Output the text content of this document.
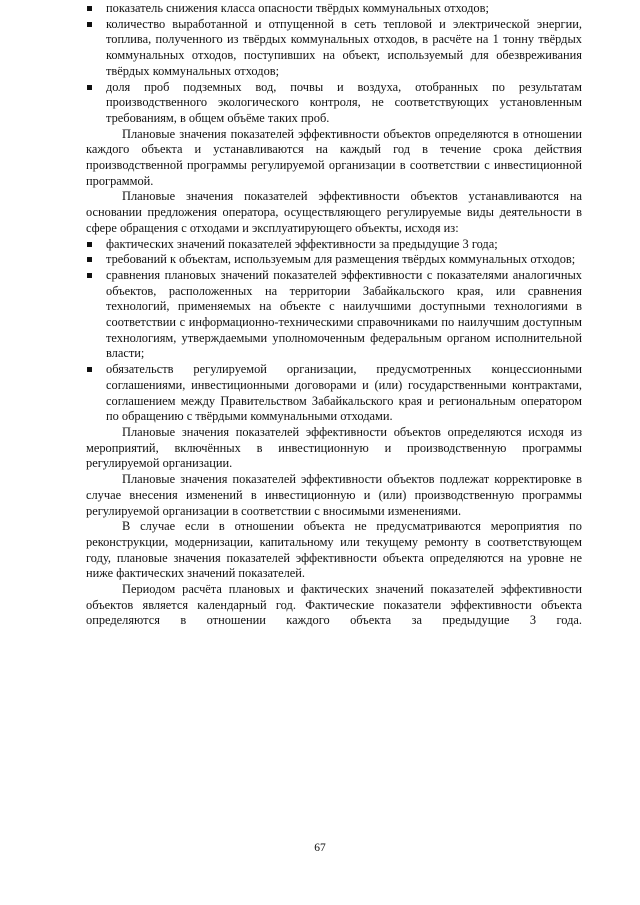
показатель снижения класса опасности твёрдых коммунальных отходов;
количество выработанной и отпущенной в сеть тепловой и электрической энергии, топлива, полученного из твёрдых коммунальных отходов, в расчёте на 1 тонну твёрдых коммунальных отходов, поступивших на объект, используемый для обезвреживания твёрдых коммунальных отходов;
доля проб подземных вод, почвы и воздуха, отобранных по результатам производственного экологического контроля, не соответствующих установленным требованиям, в общем объёме таких проб.

Плановые значения показателей эффективности объектов определяются в отношении каждого объекта и устанавливаются на каждый год в течение срока действия производственной программы регулируемой организации в соответствии с инвестиционной программой.

Плановые значения показателей эффективности объектов устанавливаются на основании предложения оператора, осуществляющего регулируемые виды деятельности в сфере обращения с отходами и эксплуатирующего объекты, исходя из:

фактических значений показателей эффективности за предыдущие 3 года;
требований к объектам, используемым для размещения твёрдых коммунальных отходов;
сравнения плановых значений показателей эффективности с показателями аналогичных объектов, расположенных на территории Забайкальского края, или сравнения технологий, применяемых на объекте с наилучшими доступными технологиями в соответствии с информационно-техническими справочниками по наилучшим доступным технологиям, утверждаемыми уполномоченным федеральным органом исполнительной власти;
обязательств регулируемой организации, предусмотренных концессионными соглашениями, инвестиционными договорами и (или) государственными контрактами, соглашением между Правительством Забайкальского края и региональным оператором по обращению с твёрдыми коммунальными отходами.

Плановые значения показателей эффективности объектов определяются исходя из мероприятий, включённых в инвестиционную и производственную программы регулируемой организации.

Плановые значения показателей эффективности объектов подлежат корректировке в случае внесения изменений в инвестиционную и (или) производственную программы регулируемой организации в соответствии с вносимыми изменениями.

В случае если в отношении объекта не предусматриваются мероприятия по реконструкции, модернизации, капитальному или текущему ремонту в соответствующем году, плановые значения показателей эффективности объекта определяются на уровне не ниже фактических значений показателей.

Периодом расчёта плановых и фактических значений показателей эффективности объектов является календарный год. Фактические показатели эффективности объекта определяются в отношении каждого объекта за предыдущие 3 года.

67
